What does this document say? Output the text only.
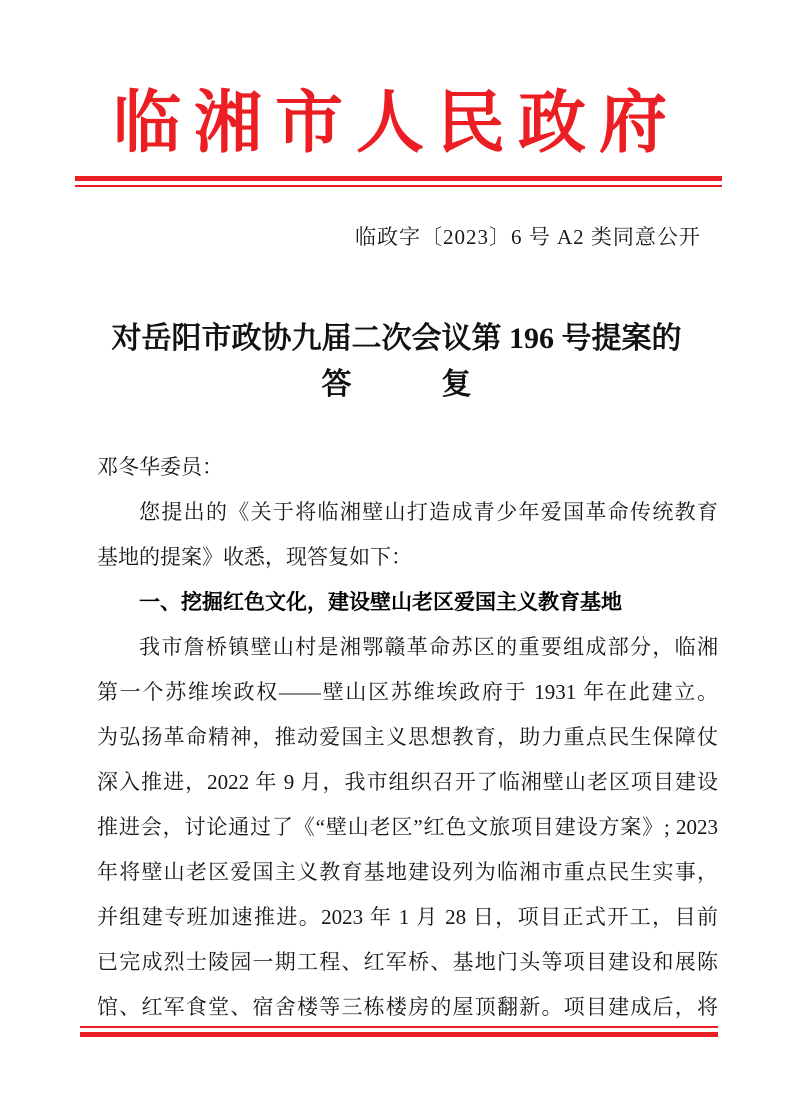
临湘市人民政府
临政字〔2023〕6 号 A2 类同意公开
对岳阳市政协九届二次会议第 196 号提案的
答　　　复
邓冬华委员：
您提出的《关于将临湘壁山打造成青少年爱国革命传统教育
基地的提案》收悉，现答复如下：
一、挖掘红色文化，建设壁山老区爱国主义教育基地
我市詹桥镇壁山村是湘鄂赣革命苏区的重要组成部分，临湘
第一个苏维埃政权——壁山区苏维埃政府于 1931 年在此建立。
为弘扬革命精神，推动爱国主义思想教育，助力重点民生保障仗
深入推进，2022 年 9 月，我市组织召开了临湘壁山老区项目建设
推进会，讨论通过了《“壁山老区”红色文旅项目建设方案》; 2023
年将壁山老区爱国主义教育基地建设列为临湘市重点民生实事，
并组建专班加速推进。2023 年 1 月 28 日，项目正式开工，目前
已完成烈士陵园一期工程、红军桥、基地门头等项目建设和展陈
馆、红军食堂、宿舍楼等三栋楼房的屋顶翻新。项目建成后，将
